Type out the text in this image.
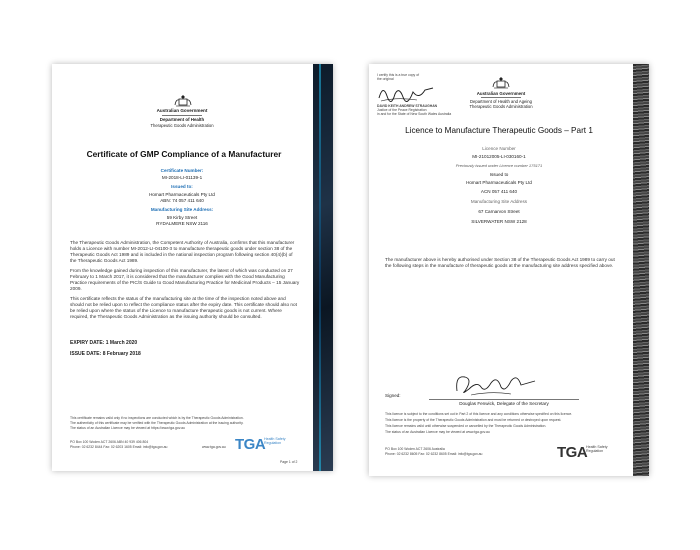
Australian Government

Department of Health

Therapeutic Goods Administration

Certificate of GMP Compliance of a Manufacturer

Certificate Number:

MI-2018-LI-01139-1

Issued to:

Homart Pharmaceuticals Pty Ltd

ABN: 74 057 411 640

Manufacturing Site Address:

59 Kirby Street

RYDALMERE NSW 2116

The Therapeutic Goods Administration, the Competent Authority of Australia, confirms that this manufacturer holds a Licence with number MI-2012-LI-04100-3 to manufacture therapeutic goods under section 38 of the Therapeutic Goods Act 1989 and is included in the national inspection program following section 40(4)(b) of the Therapeutic Goods Act 1989.

From the knowledge gained during inspection of this manufacturer, the latest of which was conducted on 27 February to 1 March 2017, it is considered that the manufacturer complies with the Good Manufacturing Practice requirements of the PIC/S Guide to Good Manufacturing Practice for Medicinal Products – 15 January 2009.

This certificate reflects the status of the manufacturing site at the time of the inspection noted above and should not be relied upon to reflect the compliance status after the expiry date. This certificate should also not be relied upon where the status of the Licence to manufacture therapeutic goods is not current. Where required, the Therapeutic Goods Administration as the issuing authority should be consulted.

EXPIRY DATE: 1 March 2020

ISSUE DATE: 8 February 2018

This certificate remains valid only if no inspections are conducted which is by the Therapeutic Goods Administration.

The authenticity of this certificate may be verified with the Therapeutic Goods Administration at the issuing authority.

The status of an Australian Licence may be viewed at https://www.tga.gov.au

PO Box 100 Woden ACT 2606 ABN 40 939 406 804

Phone: 02 6232 8444 Fax: 02 6203 1605 Email: info@tga.gov.au	www.tga.gov.au TGA

Health Safety Regulation

Page 1 of 2

I certify this is a true copy of

the original

DAVID KEITH ANDREW STRAUGHAN

Justice of the Peace Registration

in and for the State of New South Wales Australia

Australian Government

Department of Health and Ageing

Therapeutic Goods Administration

Licence to Manufacture Therapeutic Goods – Part 1

Licence Number

MI-21012005-LI-030160-1

Previously issued under Licence number 175171

Issued to

Homart Pharmaceuticals Pty Ltd

ACN 057 411 640

Manufacturing Site Address

67 Carnarvon Street

SILVERWATER NSW 2128

The manufacturer above is hereby authorised under Section 38 of the Therapeutic Goods Act 1989 to carry out the following steps in the manufacture of therapeutic goods at the manufacturing site address specified above.

Signed:

Douglas Fenwick, Delegate of the Secretary

This licence is subject to the conditions set out in Part 2 of this licence and any conditions otherwise specified on this licence.

This licence is the property of the Therapeutic Goods Administration and must be returned or destroyed upon request.

This licence remains valid until otherwise suspended or cancelled by the Therapeutic Goods Administration.

The status of an Australian Licence may be viewed at www.tga.gov.au

PO Box 100 Woden ACT 2606 Australia

Phone: 02 6232 8605 Fax: 02 6232 8605 Email: info@tga.gov.au	TGA

Health Safety Regulation
